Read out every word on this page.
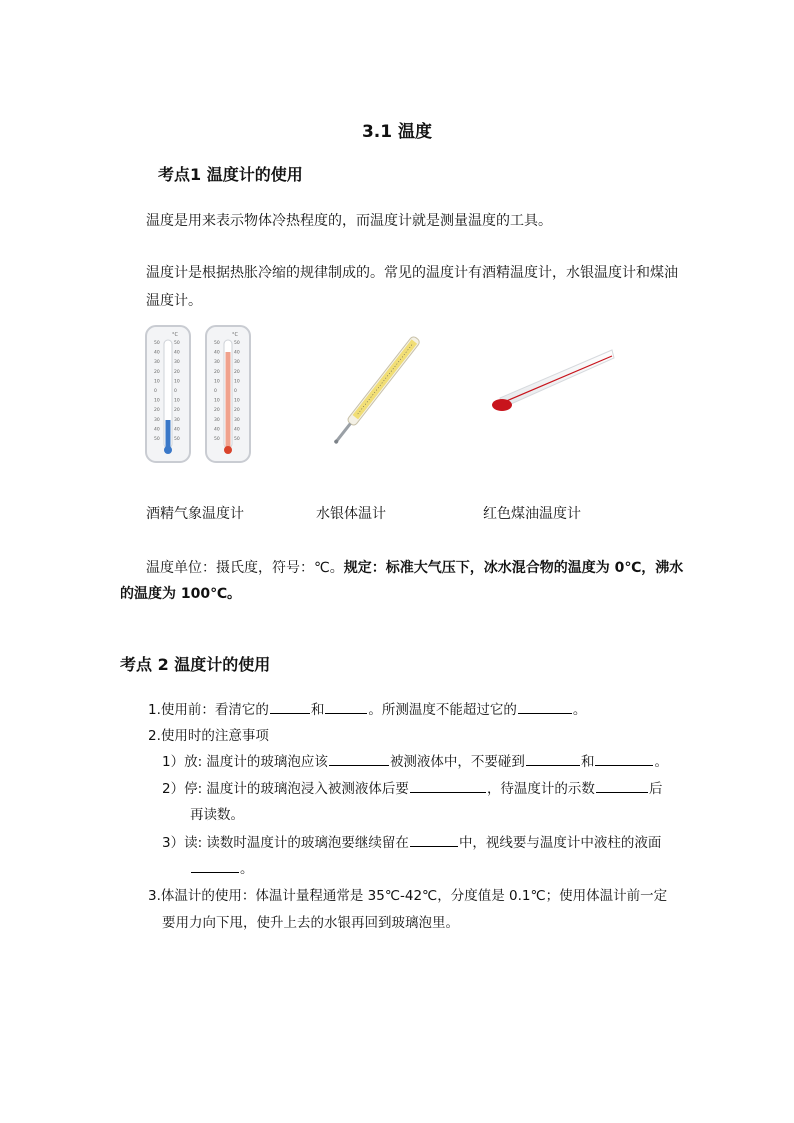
3.1 温度
考点1 温度计的使用
温度是用来表示物体冷热程度的，而温度计就是测量温度的工具。
温度计是根据热胀冷缩的规律制成的。常见的温度计有酒精温度计，水银温度计和煤油
温度计。
°C
50
40
30
20
10
0
10
20
30
40
50
50
40
30
20
10
0
10
20
30
40
50
°C
50
40
30
20
10
0
10
20
30
40
50
50
40
30
20
10
0
10
20
30
40
50
酒精气象温度计	水银体温计	红色煤油温度计
温度单位：摄氏度，符号：℃。规定：标准大气压下，冰水混合物的温度为 0℃，沸水
的温度为 100℃。
考点 2 温度计的使用
1.使用前：看清它的	和	。所测温度不能超过它的	。
2.使用时的注意事项
1）放: 温度计的玻璃泡应该	被测液体中，不要碰到	和	。
2）停: 温度计的玻璃泡浸入被测液体后要	，待温度计的示数	后
再读数。
3）读: 读数时温度计的玻璃泡要继续留在	中，视线要与温度计中液柱的液面
。
3.体温计的使用：体温计量程通常是 35℃-42℃，分度值是 0.1℃；使用体温计前一定
要用力向下甩，使升上去的水银再回到玻璃泡里。
